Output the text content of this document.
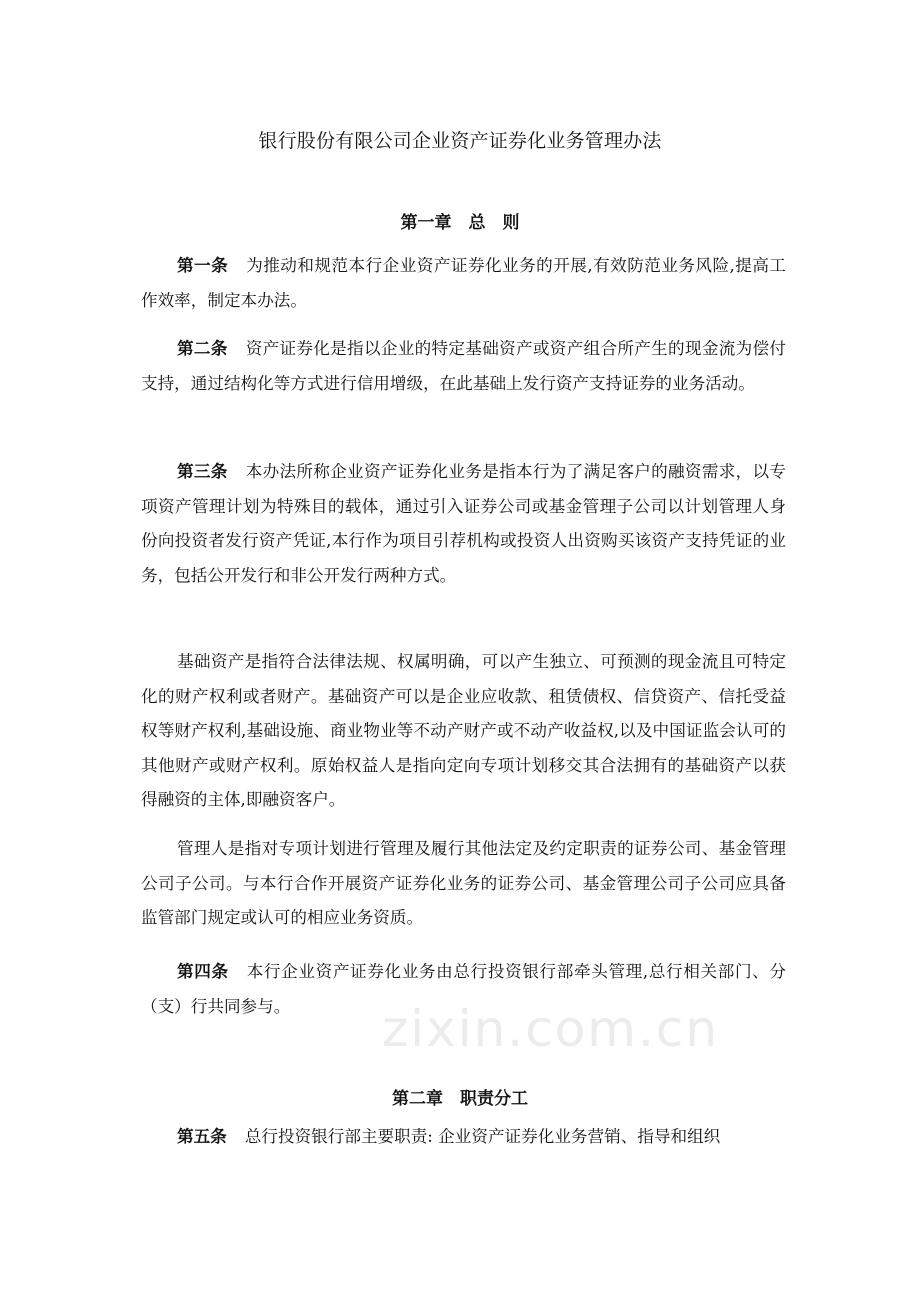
银行股份有限公司企业资产证券化业务管理办法
第一章　总　则
第一条 为推动和规范本行企业资产证券化业务的开展,有效防范业务风险,提高工作效率，制定本办法。
第二条 资产证券化是指以企业的特定基础资产或资产组合所产生的现金流为偿付支持，通过结构化等方式进行信用增级，在此基础上发行资产支持证券的业务活动。
第三条 本办法所称企业资产证券化业务是指本行为了满足客户的融资需求，以专项资产管理计划为特殊目的载体，通过引入证券公司或基金管理子公司以计划管理人身份向投资者发行资产凭证,本行作为项目引荐机构或投资人出资购买该资产支持凭证的业务，包括公开发行和非公开发行两种方式。
基础资产是指符合法律法规、权属明确，可以产生独立、可预测的现金流且可特定化的财产权利或者财产。基础资产可以是企业应收款、租赁债权、信贷资产、信托受益权等财产权利,基础设施、商业物业等不动产财产或不动产收益权,以及中国证监会认可的其他财产或财产权利。原始权益人是指向定向专项计划移交其合法拥有的基础资产以获得融资的主体,即融资客户。
管理人是指对专项计划进行管理及履行其他法定及约定职责的证券公司、基金管理公司子公司。与本行合作开展资产证券化业务的证券公司、基金管理公司子公司应具备监管部门规定或认可的相应业务资质。
第四条 本行企业资产证券化业务由总行投资银行部牵头管理,总行相关部门、分（支）行共同参与。
第二章　职责分工
第五条 总行投资银行部主要职责: 企业资产证券化业务营销、指导和组织
zixin.com.cn
